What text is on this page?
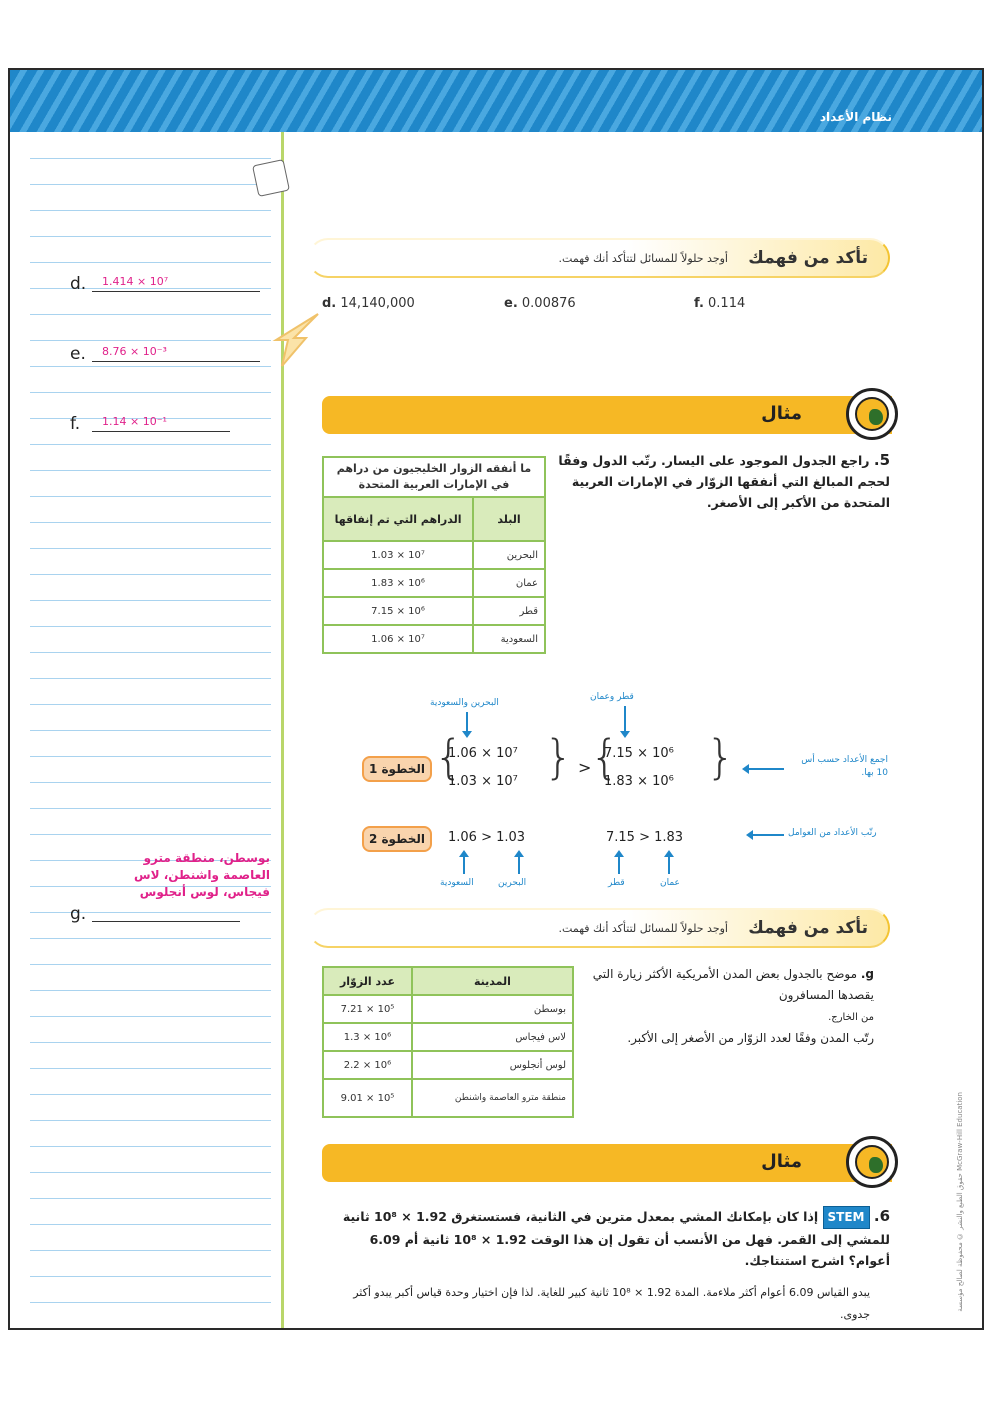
نظام الأعداد
d. 1.414 × 10⁷
e. 8.76 × 10⁻³
f. 1.14 × 10⁻¹
بوسطن، منطقة مترو العاصمة واشنطن، لاس فيجاس، لوس أنجلوس
g.
تأكد من فهمك
أوجد حلولاً للمسائل لتتأكد أنك فهمت.
d. 14,140,000	e. 0.00876	f. 0.114
مثال
5. راجع الجدول الموجود على اليسار. رتّب الدول وفقًا لحجم المبالغ التي أنفقها الزوّار في الإمارات العربية المتحدة من الأكبر إلى الأصغر.
ما أنفقه الزوار الخليجيون من دراهم في الإمارات العربية المتحدة	
البلد	الدراهم التي تم إنفاقها
البحرين	1.03 × 10⁷
عمان	1.83 × 10⁶
قطر	7.15 × 10⁶
السعودية	1.06 × 10⁷
البحرين والسعودية
قطر وعمان
الخطوة 1 {
1.06 × 10⁷
1.03 × 10⁷ } >
{
7.15 × 10⁶
1.83 × 10⁶ }	اجمع الأعداد حسب أس 10 بها.
الخطوة 2	1.06 > 1.03	7.15 > 1.83	رتّب الأعداد من العوامل
السعودية	البحرين	قطر	عمان
تأكد من فهمك
أوجد حلولاً للمسائل لتتأكد أنك فهمت.
المدينة	عدد الزوّار
بوسطن	7.21 × 10⁵
لاس فيجاس	1.3 × 10⁶
لوس أنجلوس	2.2 × 10⁶
منطقة مترو العاصمة واشنطن	9.01 × 10⁵
g. موضح بالجدول بعض المدن الأمريكية الأكثر زيارة التي يقصدها المسافرون
من الخارج.
رتّب المدن وفقًا لعدد الزوّار من الأصغر إلى الأكبر.
مثال
6. STEM إذا كان بإمكانك المشي بمعدل مترين في الثانية، فستستغرق 1.92 × 10⁸ ثانية للمشي إلى القمر. فهل من الأنسب أن تقول إن هذا الوقت 1.92 × 10⁸ ثانية أم 6.09 أعوام؟ اشرح استنتاجك.
يبدو القياس 6.09 أعوام أكثر ملاءمة. المدة 1.92 × 10⁸ ثانية كبير للغاية. لذا فإن اختيار وحدة قياس أكبر يبدو أكثر جدوى.
حقوق الطبع والنشر © محفوظة لصالح مؤسسة McGraw-Hill Education
